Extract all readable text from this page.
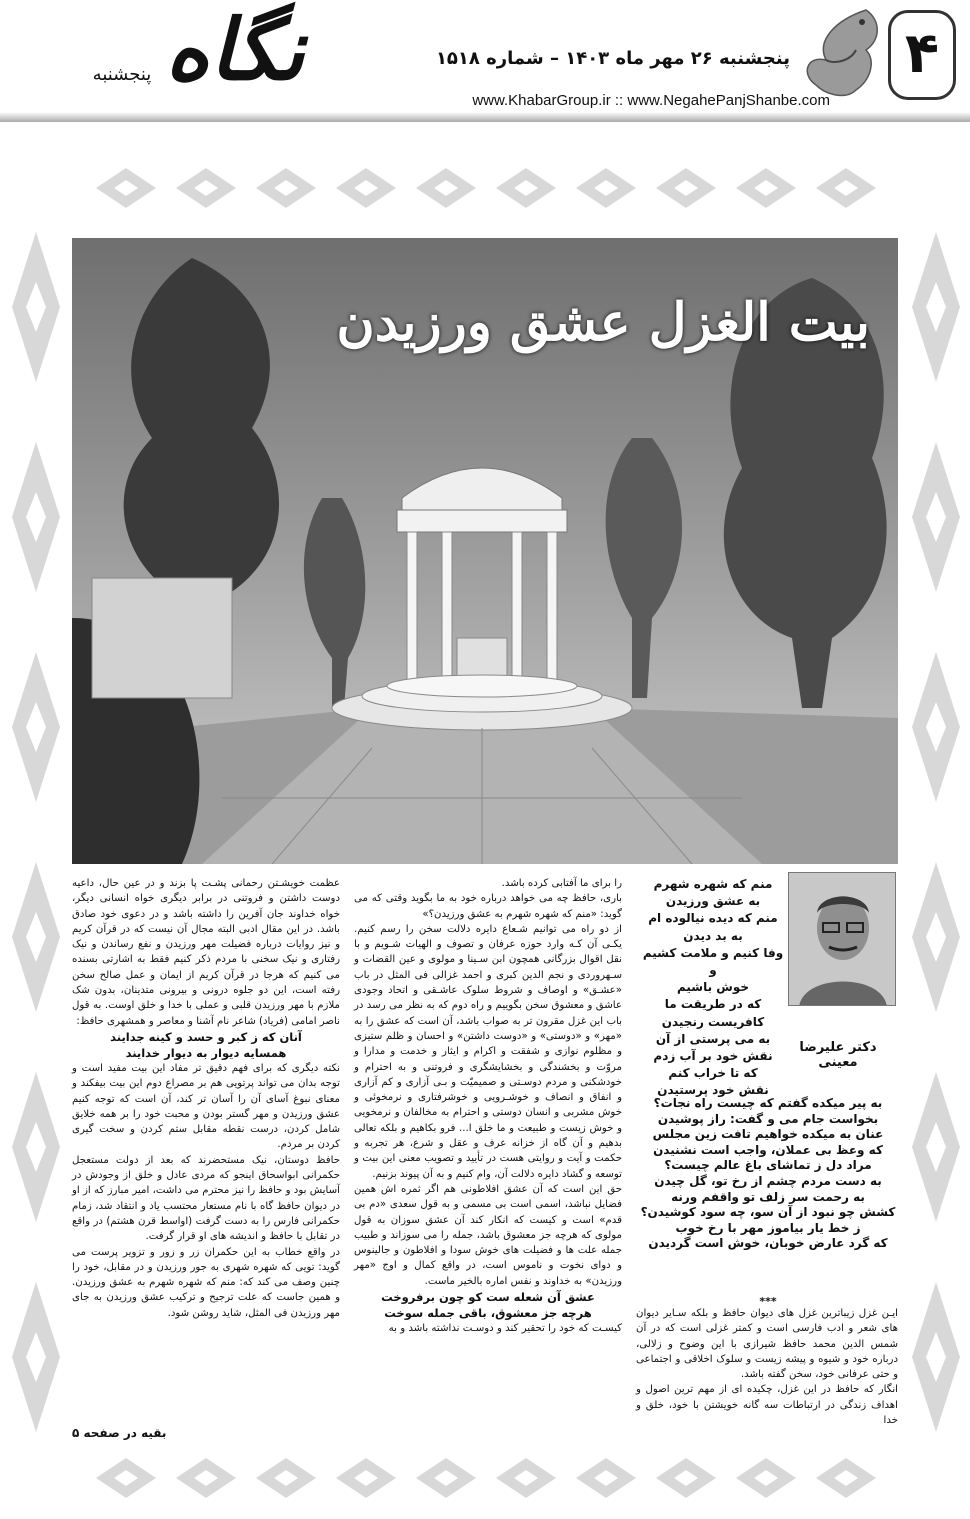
۴
نگاه
پنجشنبه
پنجشنبه ۲۶ مهر ماه ۱۴۰۳ – شماره ۱۵۱۸
www.KhabarGroup.ir :: www.NegahePanjShanbe.com
بیت الغزل عشق ورزیدن
دکتر علیرضا معینی
منم که شهره شهرم
به عشق ورزیدن
منم که دیده نیالوده ام
به بد دیدن
وفا کنیم و ملامت کشیم و
خوش باشیم
که در طریقت ما
کافریست رنجیدن
به می پرستی از آن
نقش خود بر آب زدم
که تا خراب کنم
نقش خود پرستیدن
به پیر میکده گفتم که چیست راه نجات؟
بخواست جام می و گفت: راز پوشیدن
عنان به میکده خواهیم تافت زین مجلس
که وعظ بی عملان، واجب است نشنیدن
مراد دل ز تماشای باغ عالم چیست؟
به دست مردم چشم از رخ تو، گل چیدن
به رحمت سر زلف تو واقفم ورنه
کشش چو نبود از آن سو، چه سود کوشیدن؟
ز خط یار بیاموز مهر با رخ خوب
که گرد عارض خوبان، خوش است گردیدن
***

ایـن غزل زیباترین غزل های دیوان حافظ و بلکه سـایر دیوان های شعر و ادب فارسی است و کمتر غزلی است که در آن شمس الدین محمد حافظ شیرازی با این وضوح و زلالی، درباره خود و شیوه و پیشه زیست و سلوک اخلاقی و اجتماعی و حتی عرفانی خود، سخن گفته باشد.

انگار که حافظ در این غزل، چکیده ای از مهم ترین اصول و اهداف زندگی در ارتباطات سه گانه خویشتن با خود، خلق و خدا

را برای ما آفتابی کرده باشد.

باری، حافظ چه می خواهد درباره خود به ما بگوید وقتی که می گوید: «منم که شهره شهرم به عشق ورزیدن؟»

از دو راه می توانیم شـعاع دایره دلالت سخن را رسم کنیم. یکـی آن کـه وارد حوزه عرفان و تصوف و الهیات شـویم و با نقل اقوال بزرگانی همچون ابن سـینا و مولوی و عین القضات و سـهروردی و نجم الدین کبری و احمد غزالی فی المثل در باب «عشـق» و اوصاف و شروط سلوک عاشـقی و اتحاد وجودی عاشق و معشوق سخن بگوییم و راه دوم که به نظر می رسد در باب این غزل مقرون تر به صواب باشد، آن است که عشق را به «مهر» و «دوستی» و «دوست داشتن» و احسان و ظلم ستیزی و مظلوم نوازی و شفقت و اکرام و ایثار و خدمت و مدارا و مروّت و بخشندگی و بخشایشگری و فروتنی و به احترام و خودشکنی و مردم دوسـتی و صمیمیّت و بـی آزاری و کم آزاری و انفاق و انصاف و خوشـرویی و خوشرفتاری و نرمخوئی و خوش مشربی و انسان دوستی و احترام به مخالفان و نرمخویی و خوش زیست و طبیعت و ما خلق ا... فرو بکاهیم و بلکه تعالی بدهیم و آن گاه از خزانه عرف و عقل و شرع، هر تجربه و حکمت و آیت و روایتی هست در تأیید و تصویب معنی این بیت و توسعه و گشاد دایره دلالت آن، وام کنیم و به آن پیوند بزنیم.

حق این است که آن عشق افلاطونی هم اگر ثمره اش همین فضایل نباشد، اسمی است بی مسمی و به قول سعدی «دم بی قدم» است و کیست که انکار کند آن عشق سوزان به قول مولوی که هرچه جز معشوق باشد، جمله را می سوزاند و طبیب جمله علت ها و فضیلت های خوش سودا و افلاطون و جالینوس و دوای نخوت و ناموس است، در واقع کمال و اوج «مهر ورزیدن» به خداوند و نفس اماره بالخیر ماست.

عشق آن شعله ست کو چون برفروخت
هرچه جز معشوق، باقی جمله سوخت

کیسـت که خود را تحقیر کند و دوسـت نداشته باشد و به

عظمت خویشـتن رحمانی پشـت پا بزند و در عین حال، داعیه دوست داشتن و فروتنی در برابر دیگری خواه انسانی دیگر، خواه خداوند جان آفرین را داشته باشد و در دعوی خود صادق باشد. در این مقال ادبی البته مجال آن نیست که در قرآن کریم و نیز روایات درباره فضیلت مهر ورزیدن و نفع رساندن و نیک رفتاری و نیک سخنی با مردم ذکر کنیم فقط به اشارتی بسنده می کنیم که هرجا در قرآن کریم از ایمان و عمل صالح سخن رفته است، این دو جلوه درونی و بیرونی متدینان، بدون شک ملازم با مهر ورزیدن قلبی و عملی با خدا و خلق اوست. به قول ناصر امامی (فریاد) شاعر نام آشنا و معاصر و همشهری حافظ:

آنان که ز کبر و حسد و کینه جدایند
همسایه دیوار به دیوار خدایند

نکته دیگری که برای فهم دقیق تر مفاد این بیت مفید است و توجه بدان می تواند پرتویی هم بر مصراع دوم این بیت بیفکند و معنای نبوغ آسای آن را آسان تر کند، آن است که توجه کنیم عشق ورزیدن و مهر گستر بودن و محبت خود را بر همه خلایق شامل کردن، درست نقطه مقابل ستم کردن و سخت گیری کردن بر مردم.

حافظ دوستان، نیک مستحضرند که بعد از دولت مستعجل حکمرانی ابواسحاق اینجو که مردی عادل و خلق از وجودش در آسایش بود و حافظ را نیز محترم می داشت، امیر مبارز که از او در دیوان حافظ گاه با نام مستعار محتسب یاد و انتقاد شد، زمام حکمرانی فارس را به دست گرفت (اواسط قرن هشتم) در واقع در تقابل با حافظ و اندیشه های او قرار گرفت.

در واقع خطاب به این حکمران زر و زور و تزویر پرست می گوید: تویی که شهره شهری به جور ورزیدن و در مقابل، خود را چنین وصف می کند که: منم که شهره شهرم به عشق ورزیدن. و همین جاست که علت ترجیح و ترکیب عشق ورزیدن به جای مهر ورزیدن فی المثل، شاید روشن شود.

بقیه در صفحه ۵
